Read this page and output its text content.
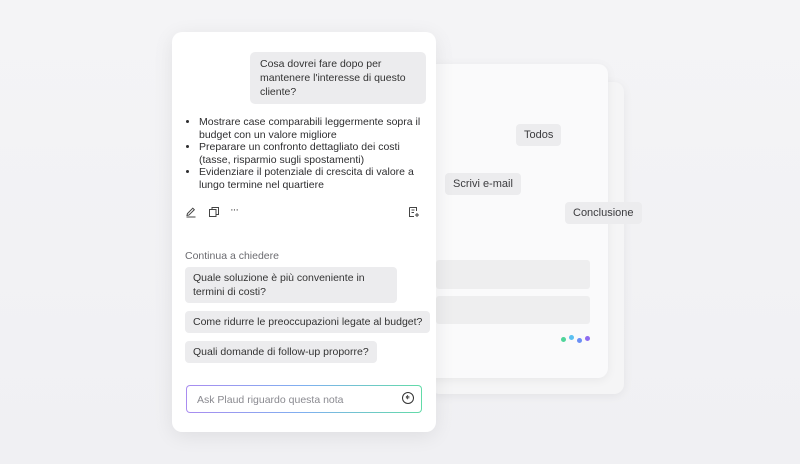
Todos
Scrivi e-mail
Conclusione
Cosa dovrei fare dopo per mantenere l'interesse di questo cliente?
• Mostrare case comparabili leggermente sopra il budget con un valore migliore
• Preparare un confronto dettagliato dei costi (tasse, risparmio sugli spostamenti)
• Evidenziare il potenziale di crescita di valore a lungo termine nel quartiere
···
Continua a chiedere
Quale soluzione è più conveniente in termini di costi?
Come ridurre le preoccupazioni legate al budget?
Quali domande di follow-up proporre?
Ask Plaud riguardo questa nota
